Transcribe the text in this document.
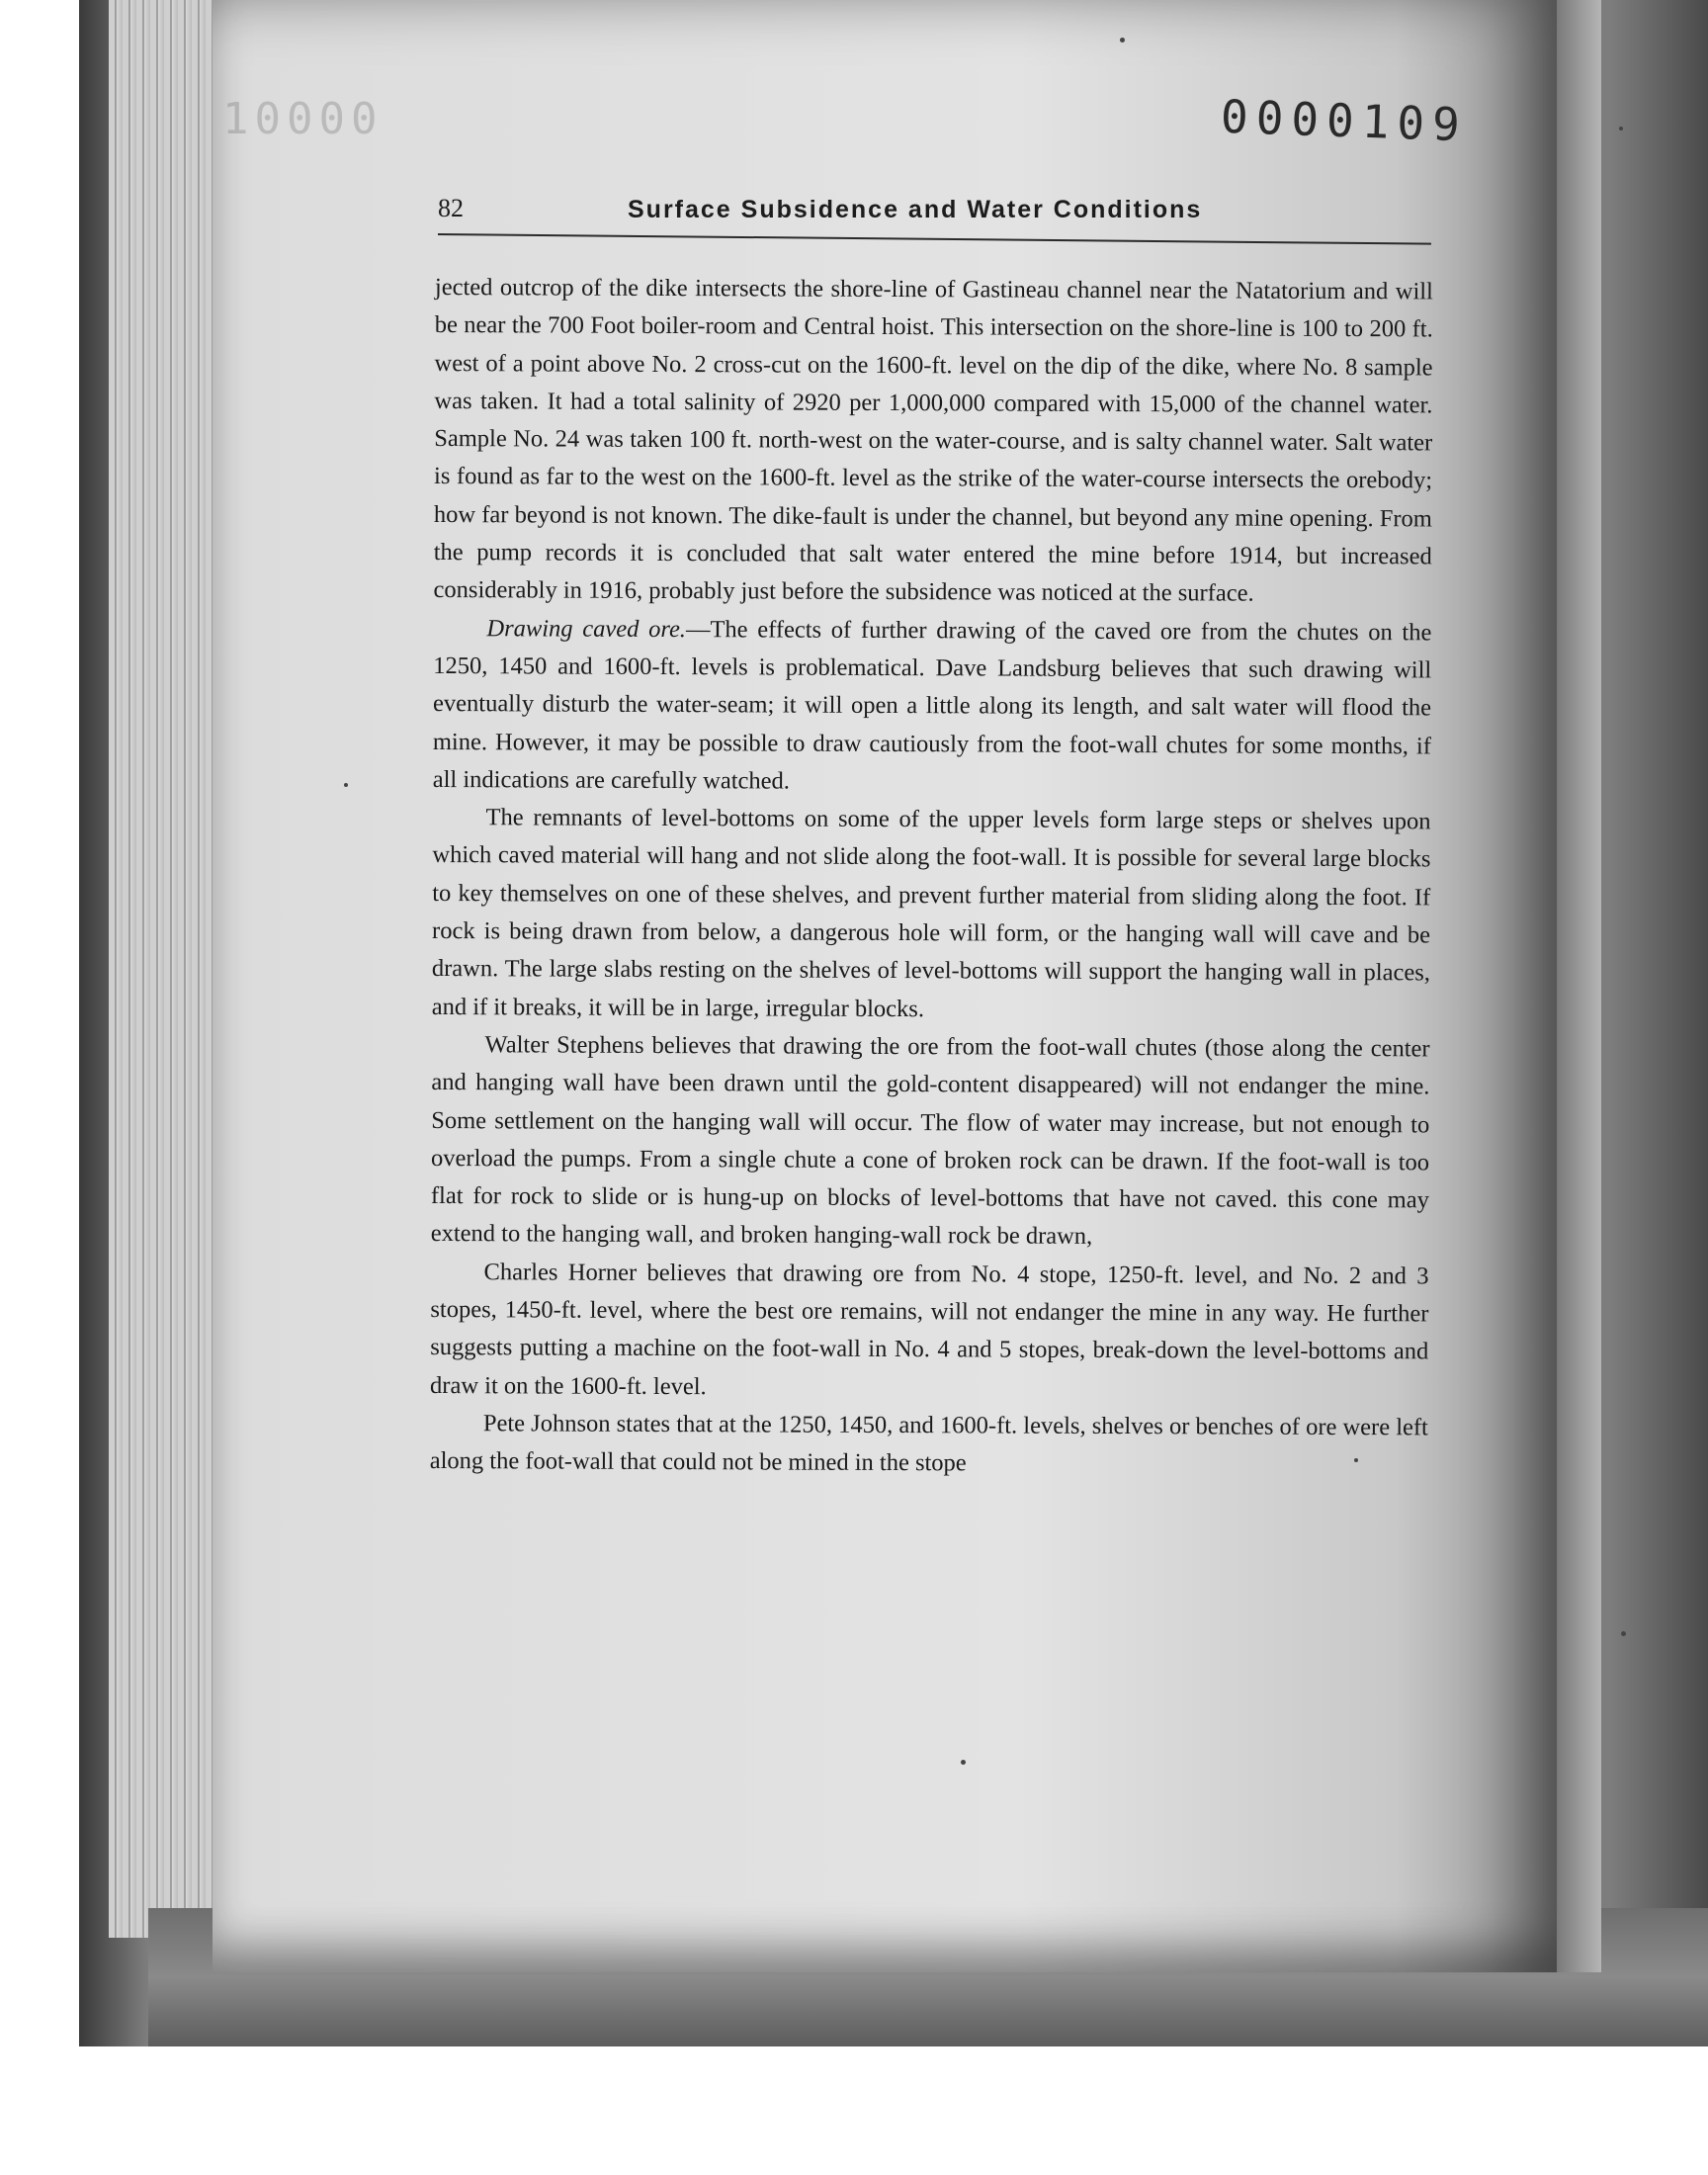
10000	0000109
82	Surface Subsidence and Water Conditions

jected outcrop of the dike intersects the shore-line of Gastineau channel near the Natatorium and will be near the 700 Foot boiler-room and Central hoist. This intersection on the shore-line is 100 to 200 ft. west of a point above No. 2 cross-cut on the 1600-ft. level on the dip of the dike, where No. 8 sample was taken. It had a total salinity of 2920 per 1,000,000 compared with 15,000 of the channel water. Sample No. 24 was taken 100 ft. north-west on the water-course, and is salty channel water. Salt water is found as far to the west on the 1600-ft. level as the strike of the water-course intersects the orebody; how far beyond is not known. The dike-fault is under the channel, but beyond any mine opening. From the pump records it is concluded that salt water entered the mine before 1914, but increased considerably in 1916, probably just before the subsidence was noticed at the surface.

Drawing caved ore.—The effects of further drawing of the caved ore from the chutes on the 1250, 1450 and 1600-ft. levels is problematical. Dave Landsburg believes that such drawing will eventually disturb the water-seam; it will open a little along its length, and salt water will flood the mine. However, it may be possible to draw cautiously from the foot-wall chutes for some months, if all indications are carefully watched.

The remnants of level-bottoms on some of the upper levels form large steps or shelves upon which caved material will hang and not slide along the foot-wall. It is possible for several large blocks to key themselves on one of these shelves, and prevent further material from sliding along the foot. If rock is being drawn from below, a dangerous hole will form, or the hanging wall will cave and be drawn. The large slabs resting on the shelves of level-bottoms will support the hanging wall in places, and if it breaks, it will be in large, irregular blocks.

Walter Stephens believes that drawing the ore from the foot-wall chutes (those along the center and hanging wall have been drawn until the gold-content disappeared) will not endanger the mine. Some settlement on the hanging wall will occur. The flow of water may increase, but not enough to overload the pumps. From a single chute a cone of broken rock can be drawn. If the foot-wall is too flat for rock to slide or is hung-up on blocks of level-bottoms that have not caved. this cone may extend to the hanging wall, and broken hanging-wall rock be drawn,

Charles Horner believes that drawing ore from No. 4 stope, 1250-ft. level, and No. 2 and 3 stopes, 1450-ft. level, where the best ore remains, will not endanger the mine in any way. He further suggests putting a machine on the foot-wall in No. 4 and 5 stopes, break-down the level-bottoms and draw it on the 1600-ft. level.

Pete Johnson states that at the 1250, 1450, and 1600-ft. levels, shelves or benches of ore were left along the foot-wall that could not be mined in the stope
